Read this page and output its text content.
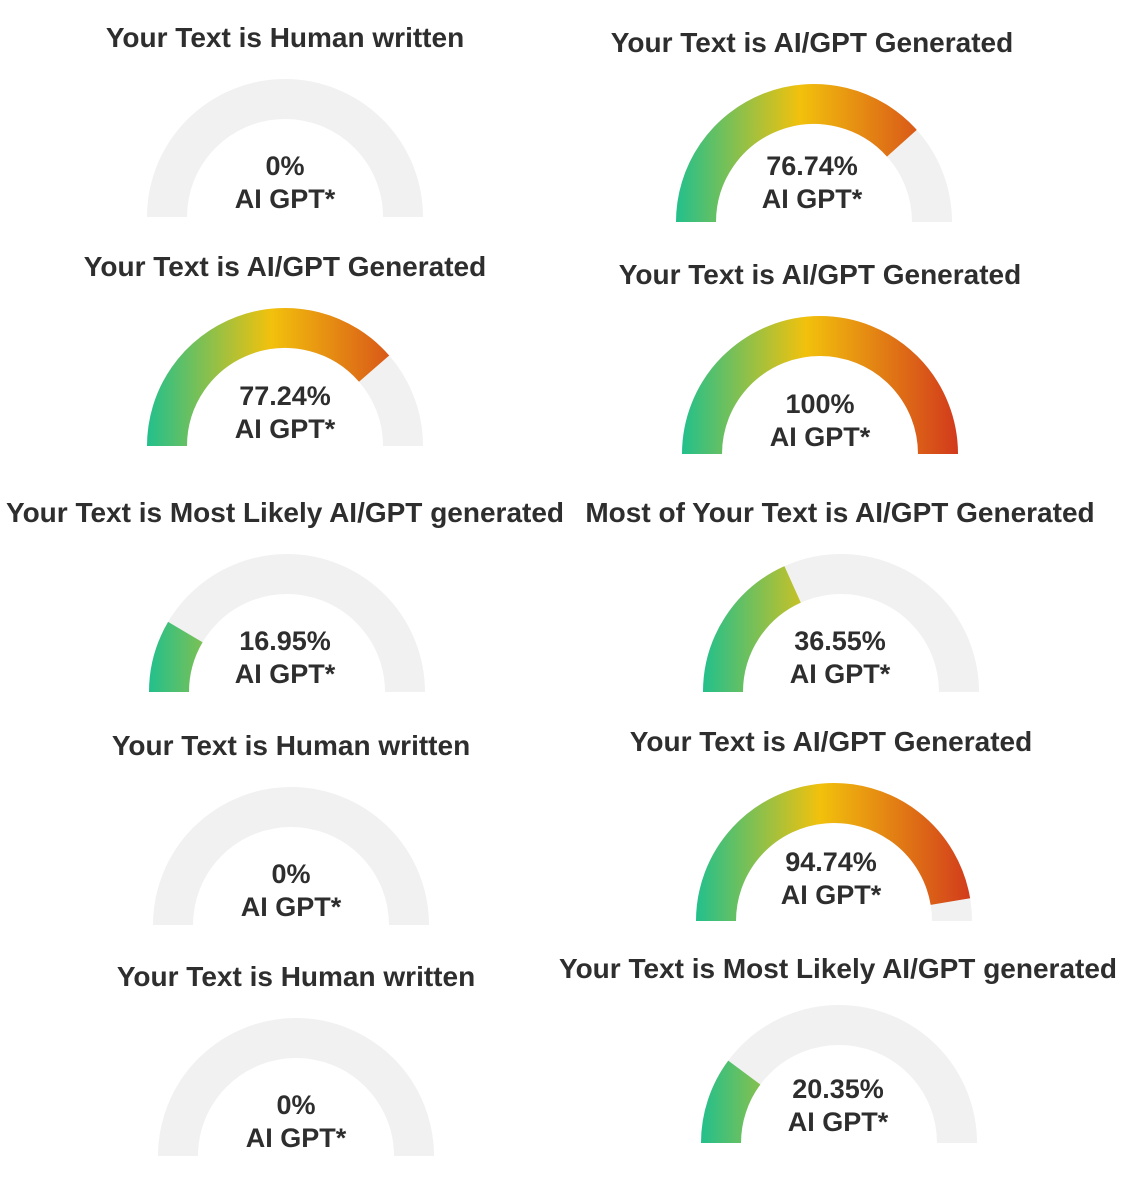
Your Text is Human written
0%
AI GPT*
Your Text is AI/GPT Generated
76.74%
AI GPT*
Your Text is AI/GPT Generated
77.24%
AI GPT*
Your Text is AI/GPT Generated
100%
AI GPT*
Your Text is Most Likely AI/GPT generated
16.95%
AI GPT*
Most of Your Text is AI/GPT Generated
36.55%
AI GPT*
Your Text is Human written
0%
AI GPT*
Your Text is AI/GPT Generated
94.74%
AI GPT*
Your Text is Human written
0%
AI GPT*
Your Text is Most Likely AI/GPT generated
20.35%
AI GPT*
